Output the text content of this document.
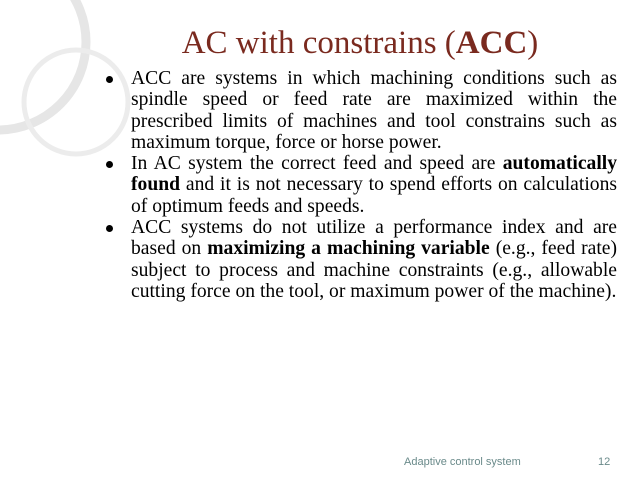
AC with constrains (ACC)
ACC are systems in which machining conditions such as spindle speed or feed rate are maximized within the prescribed limits of machines and tool constrains such as maximum torque, force or horse power.
In AC system the correct feed and speed are automatically found and it is not necessary to spend efforts on calculations of optimum feeds and speeds.
ACC systems do not utilize a performance index and are based on maximizing a machining variable (e.g., feed rate) subject to process and machine constraints (e.g., allowable cutting force on the tool, or maximum power of the machine).
Adaptive control system	12
